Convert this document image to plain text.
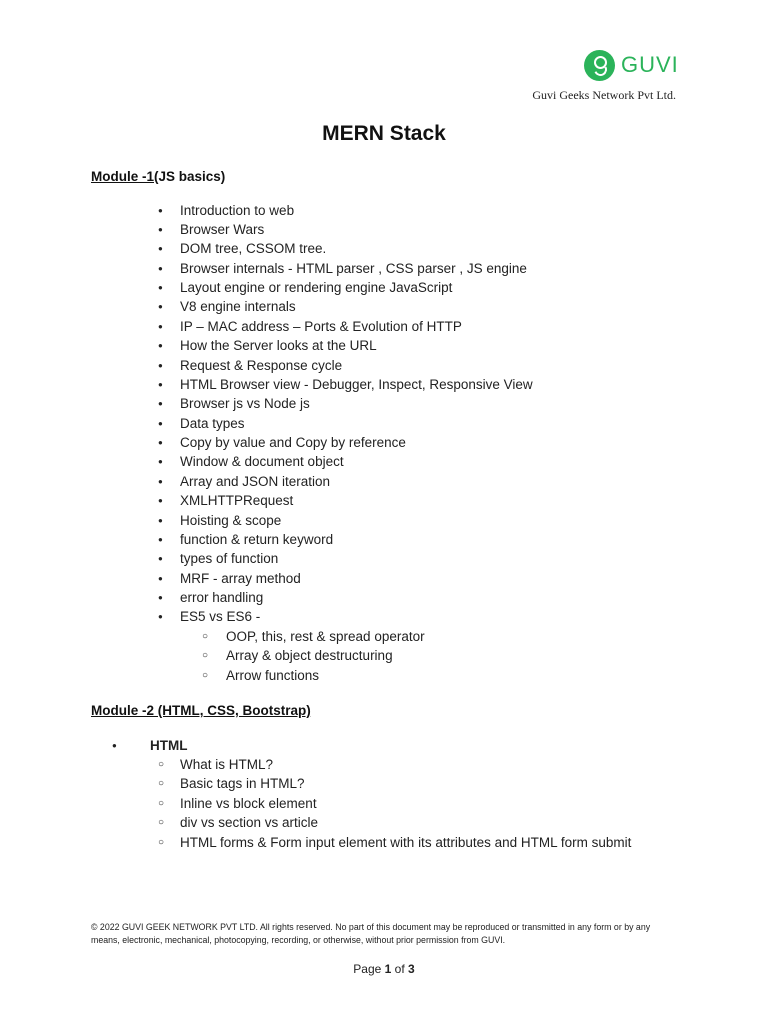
GUVI
Guvi Geeks Network Pvt Ltd.
MERN Stack
Module -1(JS basics)
●	Introduction to web
●	Browser Wars
●	DOM tree, CSSOM tree.
●	Browser internals - HTML parser , CSS parser , JS engine
●	Layout engine or rendering engine JavaScript
●	V8 engine internals
●	IP – MAC address – Ports & Evolution of HTTP
●	How the Server looks at the URL
●	Request & Response cycle
●	HTML Browser view - Debugger, Inspect, Responsive View
●	Browser js vs Node js
●	Data types
●	Copy by value and Copy by reference
●	Window & document object
●	Array and JSON iteration
●	XMLHTTPRequest
●	Hoisting & scope
●	function & return keyword
●	types of function
●	MRF - array method
●	error handling
●	ES5 vs ES6 -
○	OOP, this, rest & spread operator
○	Array & object destructuring
○	Arrow functions
Module -2 (HTML, CSS, Bootstrap)
●	HTML
○	What is HTML?
○	Basic tags in HTML?
○	Inline vs block element
○	div vs section vs article
○	HTML forms & Form input element with its attributes and HTML form submit
© 2022 GUVI GEEK NETWORK PVT LTD. All rights reserved. No part of this document may be reproduced or transmitted in any form or by any means, electronic, mechanical, photocopying, recording, or otherwise, without prior permission from GUVI.
Page 1 of 3
